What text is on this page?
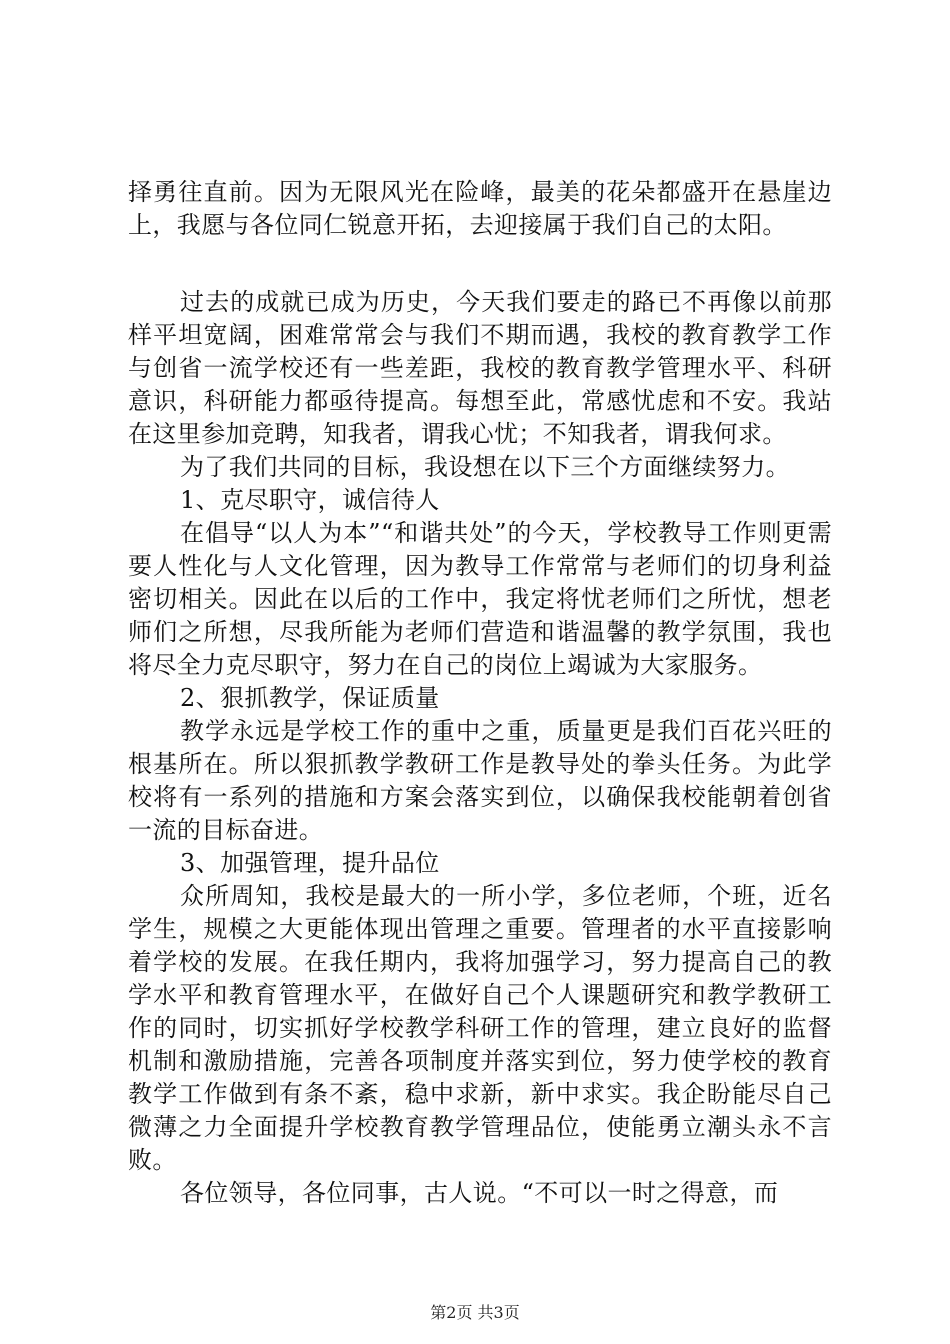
择勇往直前。因为无限风光在险峰，最美的花朵都盛开在悬崖边上，我愿与各位同仁锐意开拓，去迎接属于我们自己的太阳。

过去的成就已成为历史，今天我们要走的路已不再像以前那样平坦宽阔，困难常常会与我们不期而遇，我校的教育教学工作与创省一流学校还有一些差距，我校的教育教学管理水平、科研意识，科研能力都亟待提高。每想至此，常感忧虑和不安。我站在这里参加竞聘，知我者，谓我心忧；不知我者，谓我何求。

为了我们共同的目标，我设想在以下三个方面继续努力。

1、克尽职守，诚信待人

在倡导“以人为本”“和谐共处”的今天，学校教导工作则更需要人性化与人文化管理，因为教导工作常常与老师们的切身利益密切相关。因此在以后的工作中，我定将忧老师们之所忧，想老师们之所想，尽我所能为老师们营造和谐温馨的教学氛围，我也将尽全力克尽职守，努力在自己的岗位上竭诚为大家服务。

2、狠抓教学，保证质量

教学永远是学校工作的重中之重，质量更是我们百花兴旺的根基所在。所以狠抓教学教研工作是教导处的拳头任务。为此学校将有一系列的措施和方案会落实到位，以确保我校能朝着创省一流的目标奋进。

3、加强管理，提升品位

众所周知，我校是最大的一所小学，多位老师，个班，近名学生，规模之大更能体现出管理之重要。管理者的水平直接影响着学校的发展。在我任期内，我将加强学习，努力提高自己的教学水平和教育管理水平，在做好自己个人课题研究和教学教研工作的同时，切实抓好学校教学科研工作的管理，建立良好的监督机制和激励措施，完善各项制度并落实到位，努力使学校的教育教学工作做到有条不紊，稳中求新，新中求实。我企盼能尽自己微薄之力全面提升学校教育教学管理品位，使能勇立潮头永不言败。

各位领导，各位同事，古人说。“不可以一时之得意，而

第2页 共3页
